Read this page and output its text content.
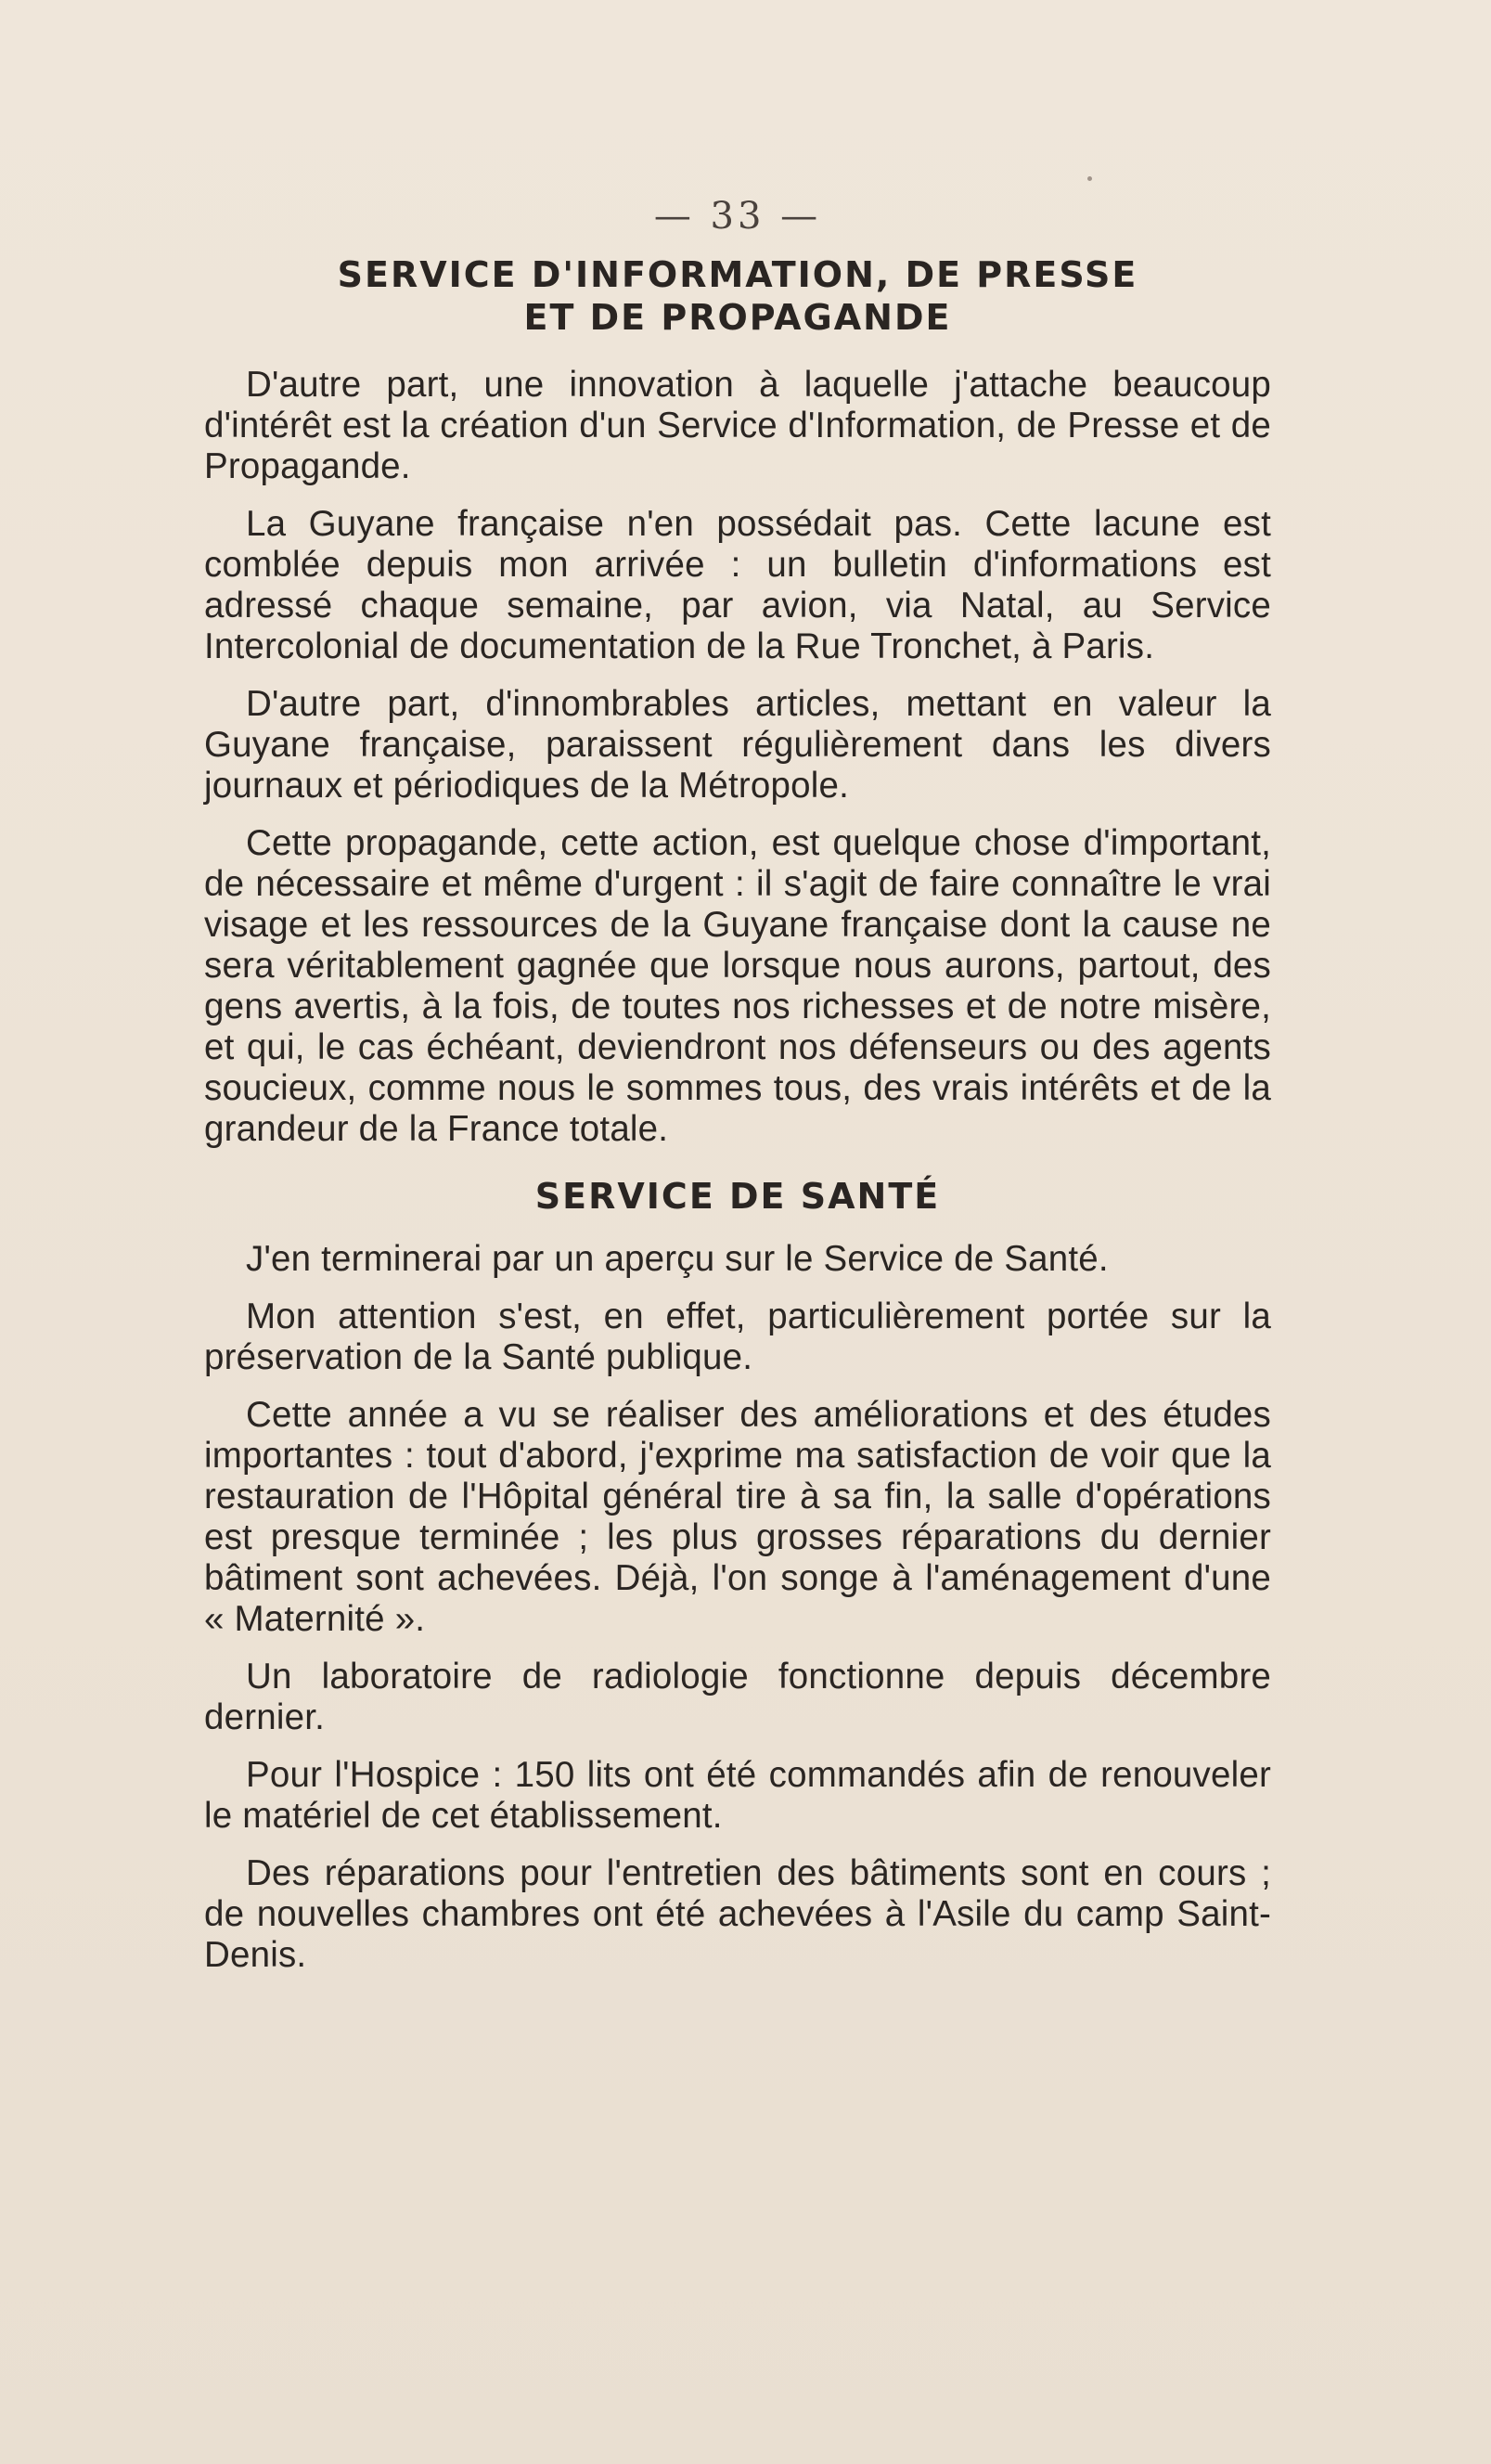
— 33 —
SERVICE D'INFORMATION, DE PRESSE
ET DE PROPAGANDE

D'autre part, une innovation à laquelle j'attache beaucoup d'intérêt est la création d'un Service d'Information, de Presse et de Propagande.

La Guyane française n'en possédait pas. Cette lacune est comblée depuis mon arrivée : un bulletin d'informations est adressé chaque semaine, par avion, via Natal, au Service Intercolonial de documentation de la Rue Tronchet, à Paris.

D'autre part, d'innombrables articles, mettant en valeur la Guyane française, paraissent régulièrement dans les divers journaux et périodiques de la Métropole.

Cette propagande, cette action, est quelque chose d'important, de nécessaire et même d'urgent : il s'agit de faire connaître le vrai visage et les ressources de la Guyane française dont la cause ne sera véritablement gagnée que lorsque nous aurons, partout, des gens avertis, à la fois, de toutes nos richesses et de notre misère, et qui, le cas échéant, deviendront nos défenseurs ou des agents soucieux, comme nous le sommes tous, des vrais intérêts et de la grandeur de la France totale.

SERVICE DE SANTÉ

J'en terminerai par un aperçu sur le Service de Santé.

Mon attention s'est, en effet, particulièrement portée sur la préservation de la Santé publique.

Cette année a vu se réaliser des améliorations et des études importantes : tout d'abord, j'exprime ma satisfaction de voir que la restauration de l'Hôpital général tire à sa fin, la salle d'opérations est presque terminée ; les plus grosses réparations du dernier bâtiment sont achevées. Déjà, l'on songe à l'aménagement d'une « Maternité ».

Un laboratoire de radiologie fonctionne depuis décembre dernier.

Pour l'Hospice : 150 lits ont été commandés afin de renouveler le matériel de cet établissement.

Des réparations pour l'entretien des bâtiments sont en cours ; de nouvelles chambres ont été achevées à l'Asile du camp Saint-Denis.
